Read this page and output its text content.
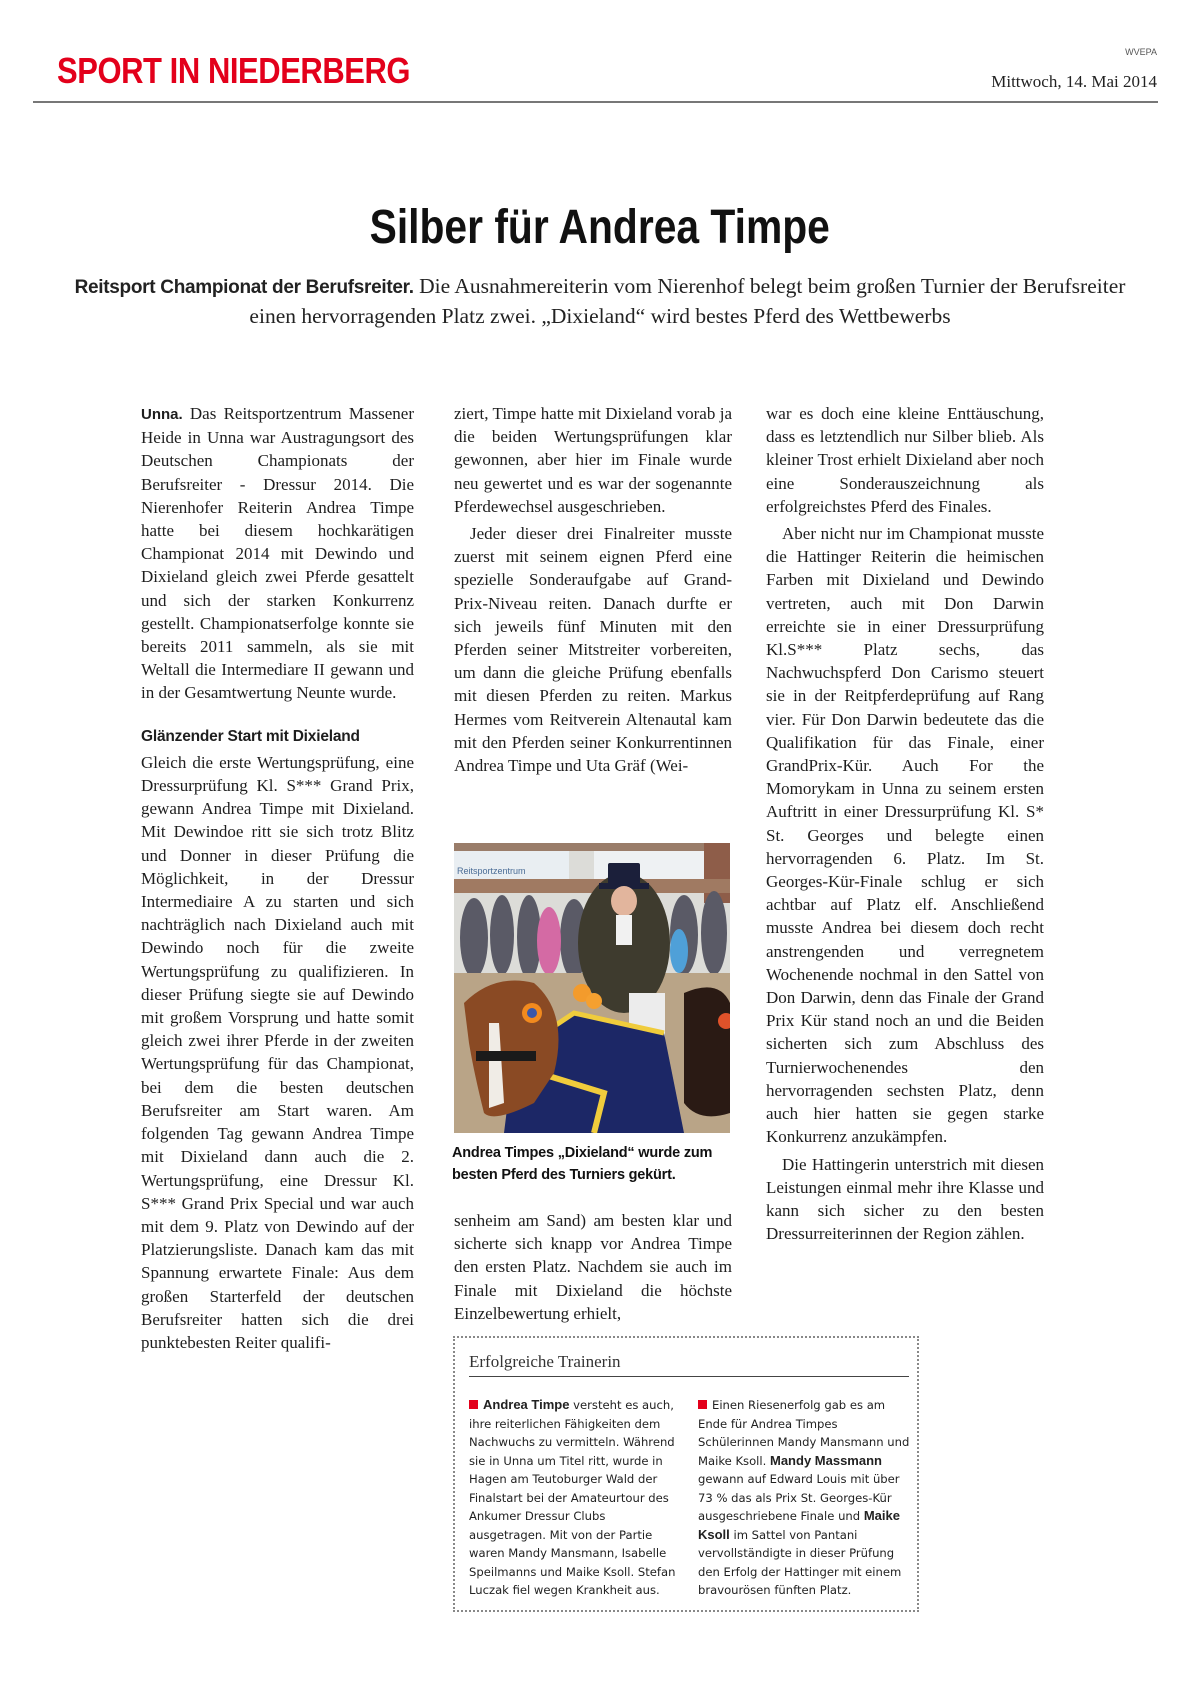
SPORT IN NIEDERBERG	WVEPA
Mittwoch, 14. Mai 2014
Silber für Andrea Timpe
Reitsport Championat der Berufsreiter. Die Ausnahmereiterin vom Nierenhof belegt beim großen Turnier der Berufsreiter einen hervorragenden Platz zwei. „Dixieland“ wird bestes Pferd des Wettbewerbs

Unna. Das Reitsportzentrum Massener Heide in Unna war Austragungsort des Deutschen Championats der Berufsreiter - Dressur 2014. Die Nierenhofer Reiterin Andrea Timpe hatte bei diesem hochkarätigen Championat 2014 mit Dewindo und Dixieland gleich zwei Pferde gesattelt und sich der starken Konkurrenz gestellt. Championatserfolge konnte sie bereits 2011 sammeln, als sie mit Weltall die Intermediare II gewann und in der Gesamtwertung Neunte wurde.

Glänzender Start mit Dixieland

Gleich die erste Wertungsprüfung, eine Dressurprüfung Kl. S*** Grand Prix, gewann Andrea Timpe mit Dixieland. Mit Dewindoe ritt sie sich trotz Blitz und Donner in dieser Prüfung die Möglichkeit, in der Dressur Intermediaire A zu starten und sich nachträglich nach Dixieland auch mit Dewindo noch für die zweite Wertungsprüfung zu qualifizieren. In dieser Prüfung siegte sie auf Dewindo mit großem Vorsprung und hatte somit gleich zwei ihrer Pferde in der zweiten Wertungsprüfung für das Championat, bei dem die besten deutschen Berufsreiter am Start waren. Am folgenden Tag gewann Andrea Timpe mit Dixieland dann auch die 2. Wertungsprüfung, eine Dressur Kl. S*** Grand Prix Special und war auch mit dem 9. Platz von Dewindo auf der Platzierungsliste. Danach kam das mit Spannung erwartete Finale: Aus dem großen Starterfeld der deutschen Berufsreiter hatten sich die drei punktebesten Reiter qualifi-

ziert, Timpe hatte mit Dixieland vorab ja die beiden Wertungsprüfungen klar gewonnen, aber hier im Finale wurde neu gewertet und es war der sogenannte Pferdewechsel ausgeschrieben.

Jeder dieser drei Finalreiter musste zuerst mit seinem eignen Pferd eine spezielle Sonderaufgabe auf Grand-Prix-Niveau reiten. Danach durfte er sich jeweils fünf Minuten mit den Pferden seiner Mitstreiter vorbereiten, um dann die gleiche Prüfung ebenfalls mit diesen Pferden zu reiten. Markus Hermes vom Reitverein Altenautal kam mit den Pferden seiner Konkurrentinnen Andrea Timpe und Uta Gräf (Wei-

Reitsportzentrum
Andrea Timpes „Dixieland“ wurde zum besten Pferd des Turniers gekürt.

senheim am Sand) am besten klar und sicherte sich knapp vor Andrea Timpe den ersten Platz. Nachdem sie auch im Finale mit Dixieland die höchste Einzelbewertung erhielt,

war es doch eine kleine Enttäuschung, dass es letztendlich nur Silber blieb. Als kleiner Trost erhielt Dixieland aber noch eine Sonderauszeichnung als erfolgreichstes Pferd des Finales.

Aber nicht nur im Championat musste die Hattinger Reiterin die heimischen Farben mit Dixieland und Dewindo vertreten, auch mit Don Darwin erreichte sie in einer Dressurprüfung Kl.S*** Platz sechs, das Nachwuchspferd Don Carismo steuert sie in der Reitpferdeprüfung auf Rang vier. Für Don Darwin bedeutete das die Qualifikation für das Finale, einer GrandPrix-Kür. Auch For the Momorykam in Unna zu seinem ersten Auftritt in einer Dressurprüfung Kl. S* St. Georges und belegte einen hervorragenden 6. Platz. Im St. Georges-Kür-Finale schlug er sich achtbar auf Platz elf. Anschließend musste Andrea bei diesem doch recht anstrengenden und verregnetem Wochenende nochmal in den Sattel von Don Darwin, denn das Finale der Grand Prix Kür stand noch an und die Beiden sicherten sich zum Abschluss des Turnierwochenendes den hervorragenden sechsten Platz, denn auch hier hatten sie gegen starke Konkurrenz anzukämpfen.

Die Hattingerin unterstrich mit diesen Leistungen einmal mehr ihre Klasse und kann sich sicher zu den besten Dressurreiterinnen der Region zählen.

Erfolgreiche Trainerin

Andrea Timpe versteht es auch, ihre reiterlichen Fähigkeiten dem Nachwuchs zu vermitteln. Während sie in Unna um Titel ritt, wurde in Hagen am Teutoburger Wald der Finalstart bei der Amateurtour des Ankumer Dressur Clubs ausgetragen. Mit von der Partie waren Mandy Mansmann, Isabelle Speilmanns und Maike Ksoll. Stefan Luczak fiel wegen Krankheit aus.

Einen Riesenerfolg gab es am Ende für Andrea Timpes Schülerinnen Mandy Mansmann und Maike Ksoll. Mandy Massmann gewann auf Edward Louis mit über 73 % das als Prix St. Georges-Kür ausgeschriebene Finale und Maike Ksoll im Sattel von Pantani vervollständigte in dieser Prüfung den Erfolg der Hattinger mit einem bravourösen fünften Platz.
